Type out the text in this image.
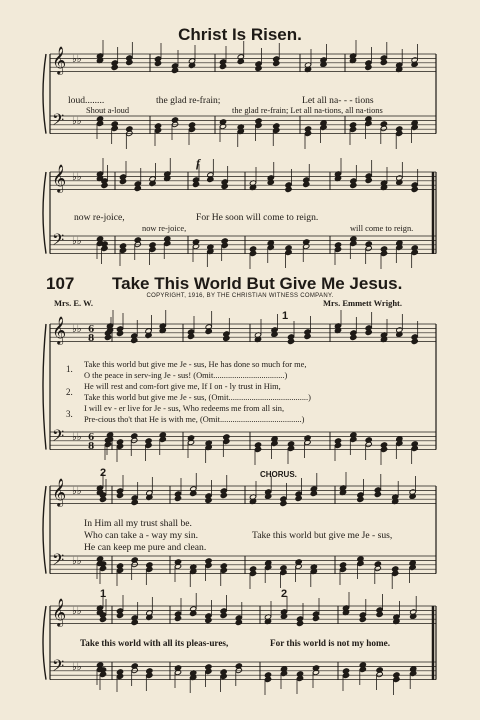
𝄞
𝄢
♭♭
♭♭
𝄞
𝄢
♭♭
♭♭
𝄞
𝄢
♭♭
♭♭
6
8
6
8
𝄞
𝄢
♭♭
♭♭
𝄞
𝄢
♭♭
♭♭
Christ Is Risen.
loud........	the glad re-frain;	Let all na- - - tions
Shout a-loud	the glad re-frain; Let all na-tions, all na-tions
f
now re-joice,	For He soon will come to reign.
now re-joice,	will come to reign.
107 Take This World But Give Me Jesus.
COPYRIGHT, 1916, BY THE CHRISTIAN WITNESS COMPANY.
Mrs. E. W.	Mrs. Emmett Wright.
1
1. Take this world but give me Je - sus, He has done so much for me,
O the peace in serv-ing Je - sus! (Omit..................................)
2.
He will rest and com-fort give me, If I on - ly trust in Him,
Take this world but give me Je - sus, (Omit......................................)
3.
Pre-cious tho't that He is with me, (Omit.......................................)
I will ev - er live for Je - sus, Who redeems me from all sin,
2	CHORUS.
In Him all my trust shall be.
Who can take a - way my sin.
He can keep me pure and clean.
Take this world but give me Je - sus,
1	2
Take this world with all its pleas-ures,	For this world is not my home.
